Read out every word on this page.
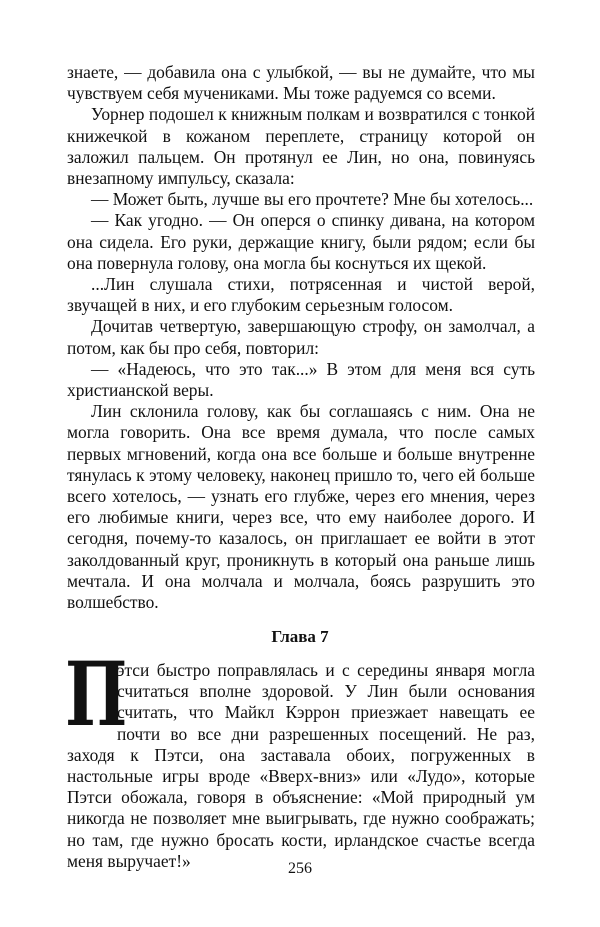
знаете, — добавила она с улыбкой, — вы не думайте, что мы чувствуем себя мучениками. Мы тоже радуемся со всеми.

Уорнер подошел к книжным полкам и возвратился с тонкой книжечкой в кожаном переплете, страницу которой он заложил пальцем. Он протянул ее Лин, но она, повинуясь внезапному импульсу, сказала:

— Может быть, лучше вы его прочтете? Мне бы хотелось...

— Как угодно. — Он оперся о спинку дивана, на котором она сидела. Его руки, держащие книгу, были рядом; если бы она повернула голову, она могла бы коснуться их щекой.

...Лин слушала стихи, потрясенная и чистой верой, звучащей в них, и его глубоким серьезным голосом.

Дочитав четвертую, завершающую строфу, он замолчал, а потом, как бы про себя, повторил:

— «Надеюсь, что это так...» В этом для меня вся суть христианской веры.

Лин склонила голову, как бы соглашаясь с ним. Она не могла говорить. Она все время думала, что после самых первых мгновений, когда она все больше и больше внутренне тянулась к этому человеку, наконец пришло то, чего ей больше всего хотелось, — узнать его глубже, через его мнения, через его любимые книги, через все, что ему наиболее дорого. И сегодня, почему-то казалось, он приглашает ее войти в этот заколдованный круг, проникнуть в который она раньше лишь мечтала. И она молчала и молчала, боясь разрушить это волшебство.

Глава 7

П
этси быстро поправлялась и с середины января могла считаться вполне здоровой. У Лин были основания считать, что Майкл Кэррон приезжает навещать ее почти во все дни разрешенных посещений. Не раз, заходя к Пэтси, она заставала обоих, погруженных в настольные игры вроде «Вверх-вниз» или «Лудо», которые Пэтси обожала, говоря в объяснение: «Мой природный ум никогда не позволяет мне выигрывать, где нужно соображать; но там, где нужно бросать кости, ирландское счастье всегда меня выручает!»	256
